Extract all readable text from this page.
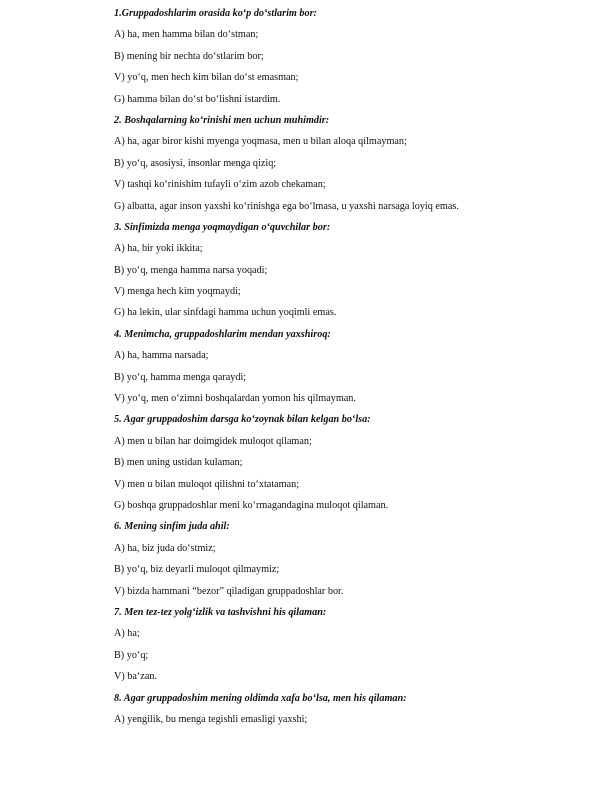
1.Gruppadoshlarim orasida ko‘p do‘stlarim bor:
A) ha, men hamma bilan do‘stman;
B) mening bir nechta do‘stlarim bor;
V) yo‘q, men hech kim bilan do‘st emasman;
G) hamma bilan do‘st bo‘lishni istardim.
2. Boshqalarning ko‘rinishi men uchun muhimdir:
A) ha, agar biror kishi myengа yoqmasa, men u bilan aloqa qilmayman;
B) yo‘q, asosiysi, insonlar menga qiziq;
V) tashqi ko‘rinishim tufayli o‘zim azob chekaman;
G) albatta, agar inson yaxshi ko‘rinishga ega bo‘lmasa, u yaxshi narsaga loyiq emas.
3. Sinfimizda menga yoqmaydigan o‘quvchilar bor:
A) ha, bir yoki ikkita;
B) yo‘q, menga hamma narsa yoqadi;
V) menga hech kim yoqmaydi;
G) ha lekin, ular sinfdagi hamma uchun yoqimli emas.
4. Menimcha, gruppadoshlarim mendan yaxshiroq:
A) ha, hamma narsada;
B) yo‘q, hamma menga qaraydi;
V) yo‘q, men o‘zimni boshqalardan yomon his qilmayman.
5. Agar gruppadoshim darsga ko‘zoynak bilan kelgan bo‘lsa:
A) men u bilan har doimgidek muloqot qilaman;
B) men uning ustidan kulaman;
V) men u bilan muloqot qilishni to‘xtataman;
G) boshqa gruppadoshlar meni ko‘rmagandagina muloqot qilaman.
6. Mening sinfim juda ahil:
A) ha, biz juda do‘stmiz;
B) yo‘q, biz deyarli muloqot qilmaymiz;
V) bizda hammani “bezor” qiladigan gruppadoshlar bor.
7. Men tez-tez yolg‘izlik va tashvishni his qilaman:
A) ha;
B) yo‘q;
V) ba‘zan.
8. Agar gruppadoshim mening oldimda xafa bo‘lsa, men his qilaman:
A) yengilik, bu menga tegishli emasligi yaxshi;
